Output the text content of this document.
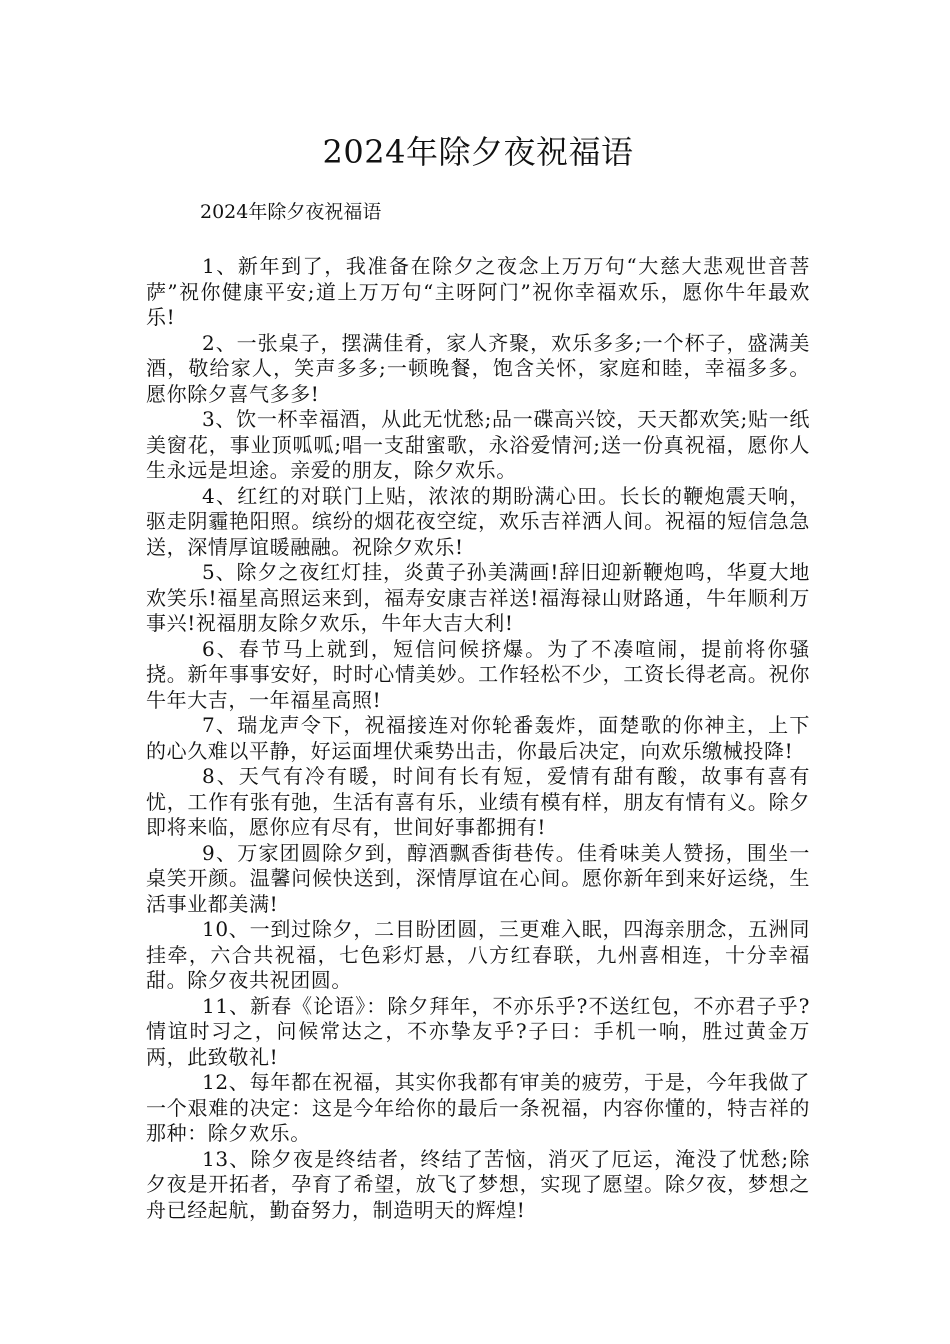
2024年除夕夜祝福语
2024年除夕夜祝福语

1、新年到了，我准备在除夕之夜念上万万句“大慈大悲观世音菩萨”祝你健康平安;道上万万句“主呀阿门”祝你幸福欢乐，愿你牛年最欢乐!

2、一张桌子，摆满佳肴，家人齐聚，欢乐多多;一个杯子，盛满美酒，敬给家人，笑声多多;一顿晚餐，饱含关怀，家庭和睦，幸福多多。愿你除夕喜气多多!

3、饮一杯幸福酒，从此无忧愁;品一碟高兴饺，天天都欢笑;贴一纸美窗花，事业顶呱呱;唱一支甜蜜歌，永浴爱情河;送一份真祝福，愿你人生永远是坦途。亲爱的朋友，除夕欢乐。

4、红红的对联门上贴，浓浓的期盼满心田。长长的鞭炮震天响，驱走阴霾艳阳照。缤纷的烟花夜空绽，欢乐吉祥洒人间。祝福的短信急急送，深情厚谊暖融融。祝除夕欢乐!

5、除夕之夜红灯挂，炎黄子孙美满画!辞旧迎新鞭炮鸣，华夏大地欢笑乐!福星高照运来到，福寿安康吉祥送!福海禄山财路通，牛年顺利万事兴!祝福朋友除夕欢乐，牛年大吉大利!

6、春节马上就到，短信问候挤爆。为了不凑喧闹，提前将你骚挠。新年事事安好，时时心情美妙。工作轻松不少，工资长得老高。祝你牛年大吉，一年福星高照!

7、瑞龙声令下，祝福接连对你轮番轰炸，面楚歌的你神主，上下的心久难以平静，好运面埋伏乘势出击，你最后决定，向欢乐缴械投降!

8、天气有冷有暖，时间有长有短，爱情有甜有酸，故事有喜有忧，工作有张有弛，生活有喜有乐，业绩有模有样，朋友有情有义。除夕即将来临，愿你应有尽有，世间好事都拥有!

9、万家团圆除夕到，醇酒飘香街巷传。佳肴味美人赞扬，围坐一桌笑开颜。温馨问候快送到，深情厚谊在心间。愿你新年到来好运绕，生活事业都美满!

10、一到过除夕，二目盼团圆，三更难入眠，四海亲朋念，五洲同挂牵，六合共祝福，七色彩灯悬，八方红春联，九州喜相连，十分幸福甜。除夕夜共祝团圆。

11、新春《论语》：除夕拜年，不亦乐乎?不送红包，不亦君子乎?情谊时习之，问候常达之，不亦挚友乎?子曰：手机一响，胜过黄金万两，此致敬礼!

12、每年都在祝福，其实你我都有审美的疲劳，于是，今年我做了一个艰难的决定：这是今年给你的最后一条祝福，内容你懂的，特吉祥的那种：除夕欢乐。

13、除夕夜是终结者，终结了苦恼，消灭了厄运，淹没了忧愁;除夕夜是开拓者，孕育了希望，放飞了梦想，实现了愿望。除夕夜，梦想之舟已经起航，勤奋努力，制造明天的辉煌!
